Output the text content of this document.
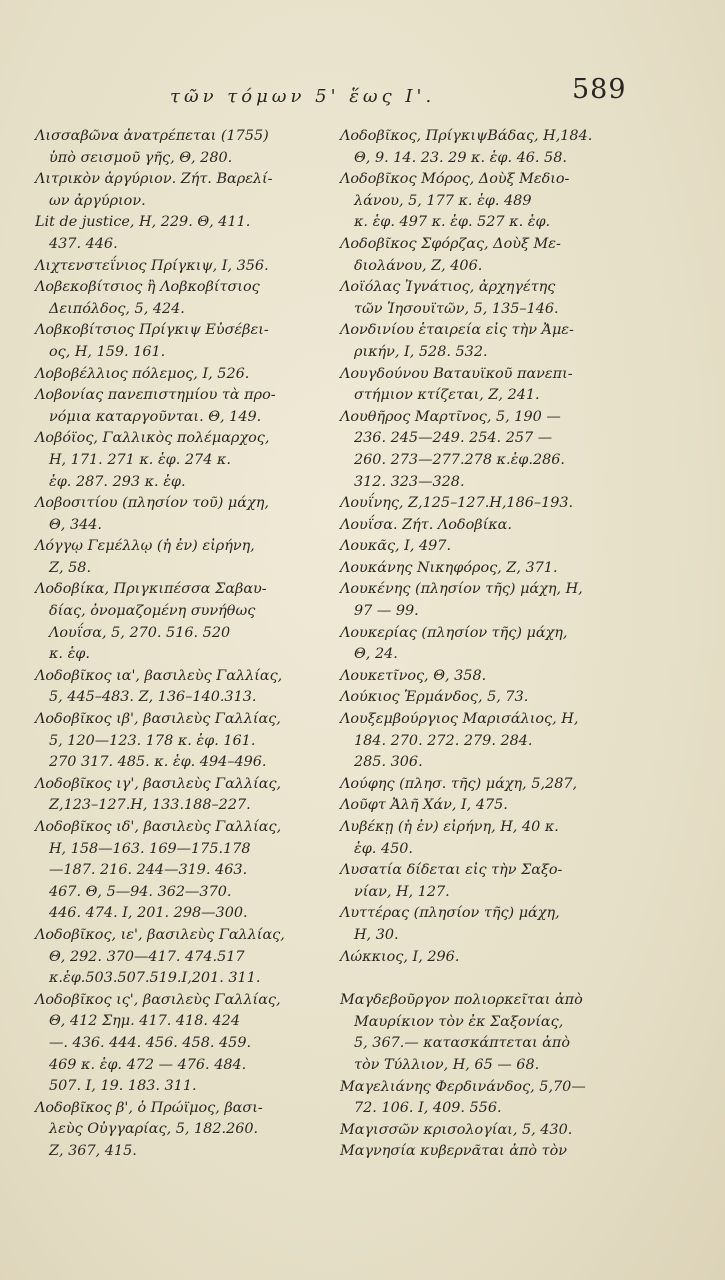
τῶν τόμων 5' ἕως Ι'.	589

Λισσαβῶνα ἀνατρέπεται (1755)
ὑπὸ σεισμοῦ γῆς, Θ, 280.

Λιτρικὸν ἀργύριον. Ζήτ. Βαρελί-
ων ἀργύριον.

Lit de justice, Η, 229. Θ, 411.
437. 446.

Λιχτενστεΐνιος Πρίγκιψ, Ι, 356.

Λοβεκοβίτσιος ἢ Λοβκοβίτσιος
Δειπόλδος, 5, 424.

Λοβκοβίτσιος Πρίγκιψ Εὐσέβει-
ος, Η, 159. 161.

Λοβοβέλλιος πόλεμος, Ι, 526.

Λοβονίας πανεπιστημίου τὰ προ-
νόμια καταργοῦνται. Θ, 149.

Λοβόϊος, Γαλλικὸς πολέμαρχος,
Η, 171. 271 κ. ἑφ. 274 κ.
ἑφ. 287. 293 κ. ἑφ.

Λοβοσιτίου (πλησίον τοῦ) μάχη,
Θ, 344.

Λόγγῳ Γεμέλλῳ (ἡ ἐν) εἰρήνη,
Ζ, 58.

Λοδοβίκα, Πριγκιπέσσα Σαβαυ-
δίας, ὀνομαζομένη συνήθως
Λουΐσα, 5, 270. 516. 520
κ. ἑφ.

Λοδοβῖκος ια', βασιλεὺς Γαλλίας,
5, 445–483. Ζ, 136–140.313.

Λοδοβῖκος ιβ', βασιλεὺς Γαλλίας,
5, 120—123. 178 κ. ἑφ. 161.
270 317. 485. κ. ἑφ. 494–496.

Λοδοβῖκος ιγ', βασιλεὺς Γαλλίας,
Ζ,123–127.Η, 133.188–227.

Λοδοβῖκος ιδ', βασιλεὺς Γαλλίας,
Η, 158—163. 169—175.178
—187. 216. 244—319. 463.
467. Θ, 5—94. 362—370.
446. 474. Ι, 201. 298—300.

Λοδοβῖκος, ιε', βασιλεὺς Γαλλίας,
Θ, 292. 370—417. 474.517
κ.ἑφ.503.507.519.Ι,201. 311.

Λοδοβῖκος ις', βασιλεὺς Γαλλίας,
Θ, 412 Σημ. 417. 418. 424
—. 436. 444. 456. 458. 459.
469 κ. ἑφ. 472 — 476. 484.
507. Ι, 19. 183. 311.

Λοδοβῖκος β', ὁ Πρώϊμος, βασι-
λεὺς Οὐγγαρίας, 5, 182.260.
Ζ, 367, 415.

Λοδοβῖκος, ΠρίγκιψΒάδας, Η,184.
Θ, 9. 14. 23. 29 κ. ἑφ. 46. 58.

Λοδοβῖκος Μόρος, Δοὺξ Μεδιο-
λάνου, 5, 177 κ. ἑφ. 489
κ. ἑφ. 497 κ. ἑφ. 527 κ. ἑφ.

Λοδοβῖκος Σφόρζας, Δοὺξ Με-
διολάνου, Ζ, 406.

Λοϊόλας Ἰγνάτιος, ἀρχηγέτης
τῶν Ἰησουϊτῶν, 5, 135–146.

Λονδινίου ἑταιρεία εἰς τὴν Ἀμε-
ρικήν, Ι, 528. 532.

Λουγδούνου Βαταυϊκοῦ πανεπι-
στήμιον κτίζεται, Ζ, 241.

Λουθῆρος Μαρτῖνος, 5, 190 —
236. 245—249. 254. 257 —
260. 273—277.278 κ.ἑφ.286.
312. 323—328.

Λουΐνης, Ζ,125–127.Η,186–193.

Λουΐσα. Ζήτ. Λοδοβίκα.

Λουκᾶς, Ι, 497.

Λουκάνης Νικηφόρος, Ζ, 371.

Λουκένης (πλησίον τῆς) μάχη, Η,
97 — 99.

Λουκερίας (πλησίον τῆς) μάχη,
Θ, 24.

Λουκετῖνος, Θ, 358.

Λούκιος Ἑρμάνδος, 5, 73.

Λουξεμβούργιος Μαρισάλιος, Η,
184. 270. 272. 279. 284.
285. 306.

Λούφης (πλησ. τῆς) μάχη, 5,287,

Λοῦφτ Ἀλῆ Χάν, Ι, 475.

Λυβέκῃ (ἡ ἐν) εἰρήνη, Η, 40 κ.
ἑφ. 450.

Λυσατία δίδεται εἰς τὴν Σαξο-
νίαν, Η, 127.

Λυττέρας (πλησίον τῆς) μάχη,
Η, 30.

Λώκκιος, Ι, 296.

Μαγδεβοῦργον πολιορκεῖται ἀπὸ
Μαυρίκιον τὸν ἐκ Σαξονίας,
5, 367.— κατασκάπτεται ἀπὸ
τὸν Τύλλιον, Η, 65 — 68.

Μαγελιάνης Φερδινάνδος, 5,70—
72. 106. Ι, 409. 556.

Μαγισσῶν κρισολογίαι, 5, 430.

Μαγνησία κυβερνᾶται ἀπὸ τὸν
